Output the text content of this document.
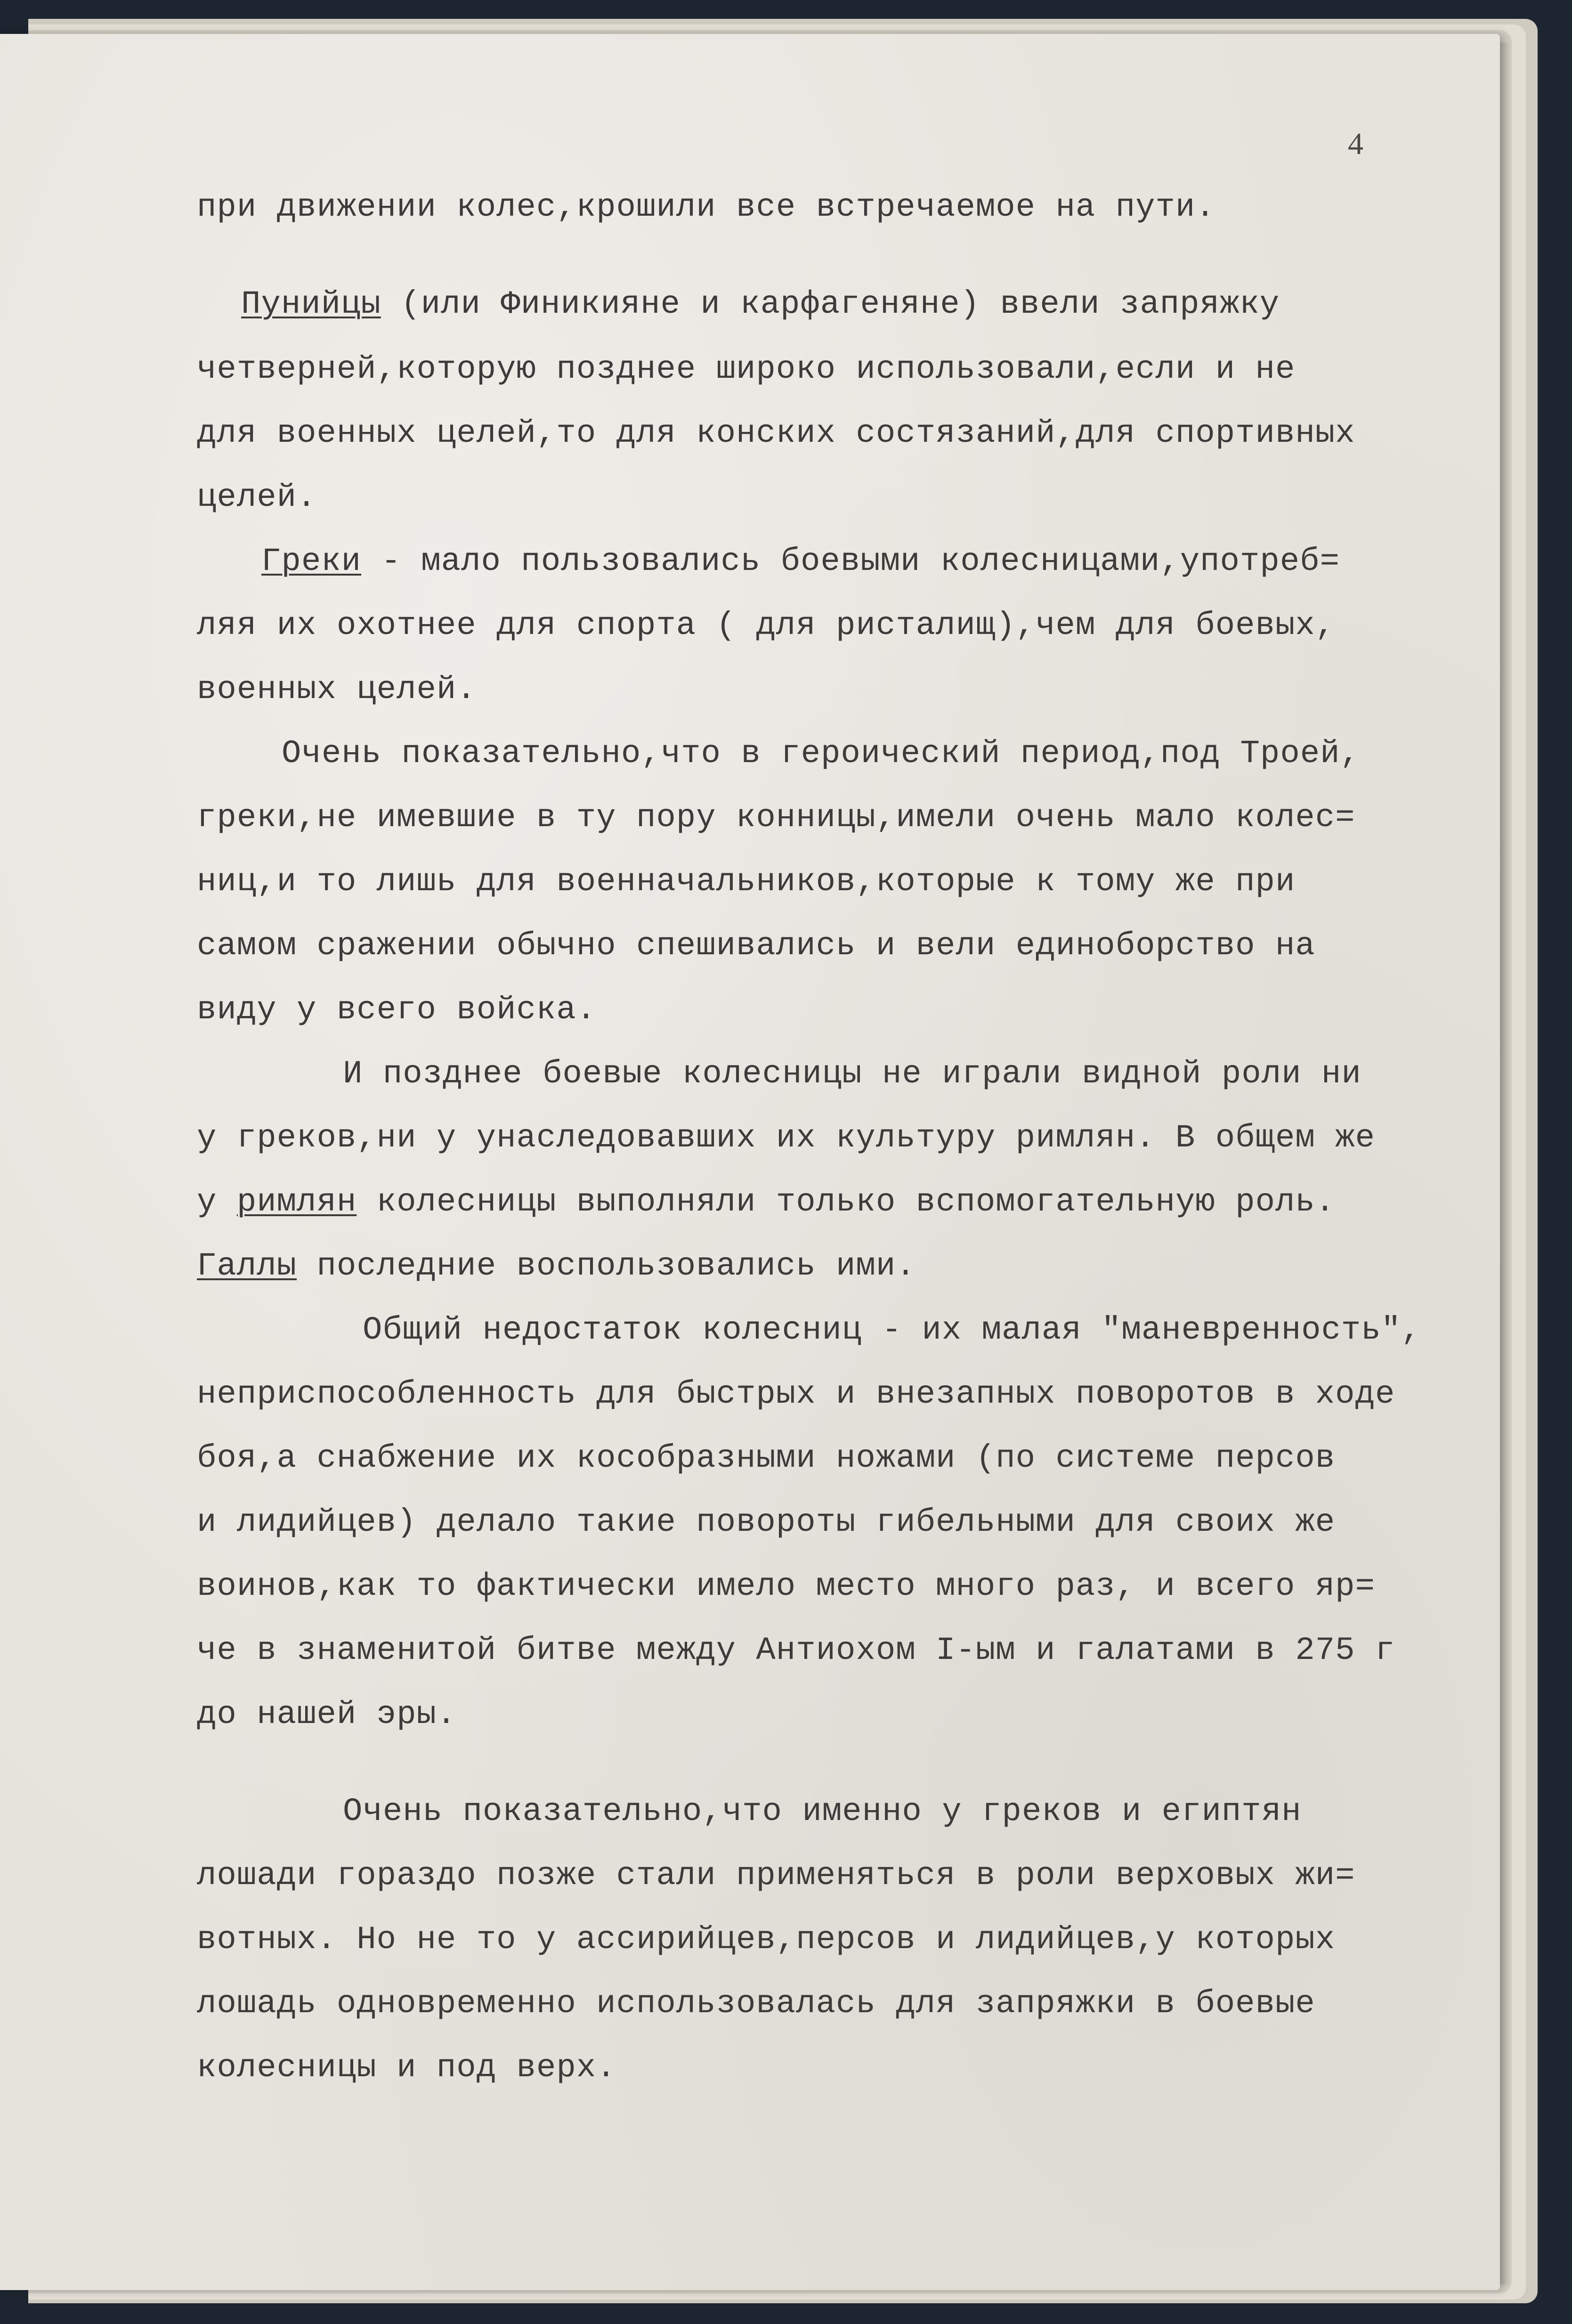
4
при движении колес,крошили все встречаемое на пути.
Пунийцы (или Финикияне и карфагеняне) ввели запряжку
четверней,которую позднее широко использовали,если и не
для военных целей,то для конских состязаний,для спортивных
целей.
Греки - мало пользовались боевыми колесницами,употреб=
ляя их охотнее для спорта ( для ристалищ),чем для боевых,
военных целей.
Очень показательно,что в героический период,под Троей,
греки,не имевшие в ту пору конницы,имели очень мало колес=
ниц,и то лишь для военначальников,которые к тому же при
самом сражении обычно спешивались и вели единоборство на
виду у всего войска.
И позднее боевые колесницы не играли видной роли ни
у греков,ни у унаследовавших их культуру римлян. В общем же
у римлян колесницы выполняли только вспомогательную роль.
Галлы последние воспользовались ими.
Общий недостаток колесниц - их малая "маневренность",
неприспособленность для быстрых и внезапных поворотов в ходе
боя,а снабжение их кособразными ножами (по системе персов
и лидийцев) делало такие повороты гибельными для своих же
воинов,как то фактически имело место много раз, и всего яр=
че в знаменитой битве между Антиохом I-ым и галатами в 275 г
до нашей эры.
Очень показательно,что именно у греков и египтян
лошади гораздо позже стали применяться в роли верховых жи=
вотных. Но не то у ассирийцев,персов и лидийцев,у которых
лошадь одновременно использовалась для запряжки в боевые
колесницы и под верх.
